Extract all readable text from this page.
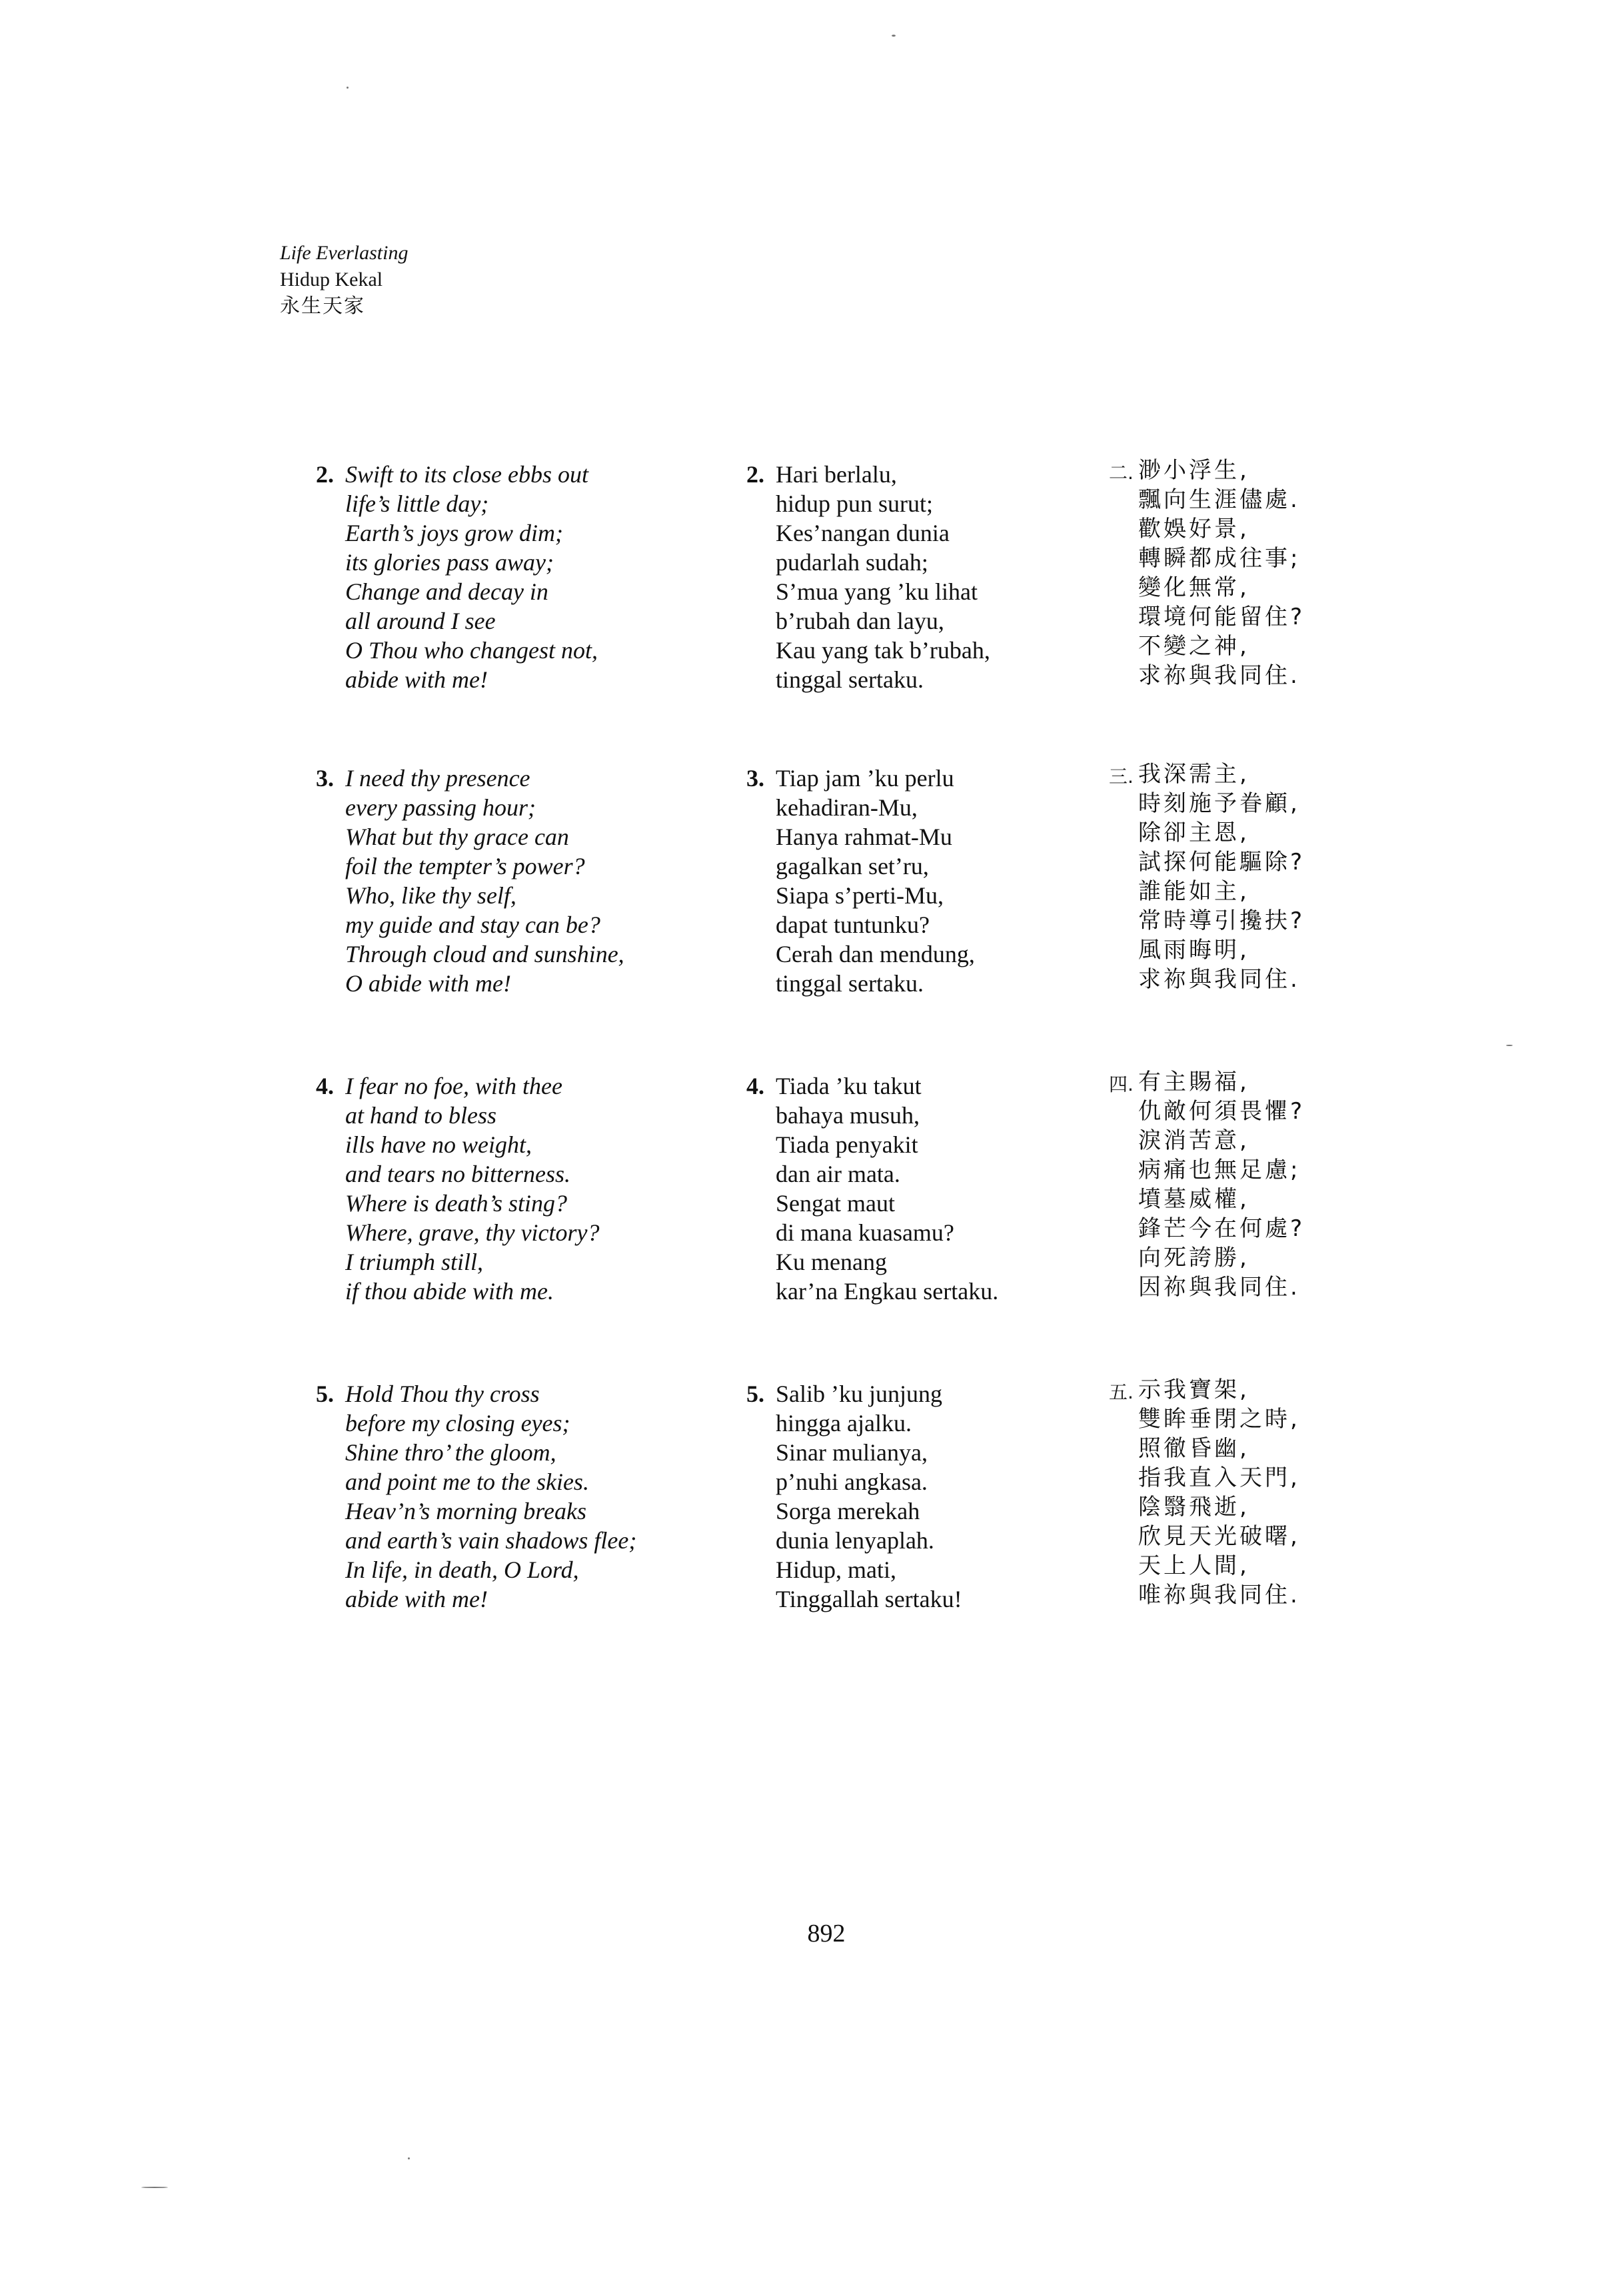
Life Everlasting
Hidup Kekal
永生天家
2. Swift to its close ebbs out
life’s little day;
Earth’s joys grow dim;
its glories pass away;
Change and decay in
all around I see
O Thou who changest not,
abide with me!
3. I need thy presence
every passing hour;
What but thy grace can
foil the tempter’s power?
Who, like thy self,
my guide and stay can be?
Through cloud and sunshine,
O abide with me!
4. I fear no foe, with thee
at hand to bless
ills have no weight,
and tears no bitterness.
Where is death’s sting?
Where, grave, thy victory?
I triumph still,
if thou abide with me.
5. Hold Thou thy cross
before my closing eyes;
Shine thro’ the gloom,
and point me to the skies.
Heav’n’s morning breaks
and earth’s vain shadows flee;
In life, in death, O Lord,
abide with me!
2. Hari berlalu,
hidup pun surut;
Kes’nangan dunia
pudarlah sudah;
S’mua yang ’ku lihat
b’rubah dan layu,
Kau yang tak b’rubah,
tinggal sertaku.
3. Tiap jam ’ku perlu
kehadiran-Mu,
Hanya rahmat-Mu
gagalkan set’ru,
Siapa s’perti-Mu,
dapat tuntunku?
Cerah dan mendung,
tinggal sertaku.
4. Tiada ’ku takut
bahaya musuh,
Tiada penyakit
dan air mata.
Sengat maut
di mana kuasamu?
Ku menang
kar’na Engkau sertaku.
5. Salib ’ku junjung
hingga ajalku.
Sinar mulianya,
p’nuhi angkasa.
Sorga merekah
dunia lenyaplah.
Hidup, mati,
Tinggallah sertaku!
二. 渺小浮生,
飄向生涯儘處.
歡娛好景,
轉瞬都成往事;
變化無常,
環境何能留住?
不變之神,
求祢與我同住.
三. 我深需主,
時刻施予眷顧,
除卻主恩,
試探何能驅除?
誰能如主,
常時導引攙扶?
風雨晦明,
求祢與我同住.
四. 有主賜福,
仇敵何須畏懼?
淚消苦意,
病痛也無足慮;
墳墓威權,
鋒芒今在何處?
向死誇勝,
因祢與我同住.
五. 示我寶架,
雙眸垂閉之時,
照徹昏幽,
指我直入天門,
陰翳飛逝,
欣見天光破曙,
天上人間,
唯祢與我同住.
892
